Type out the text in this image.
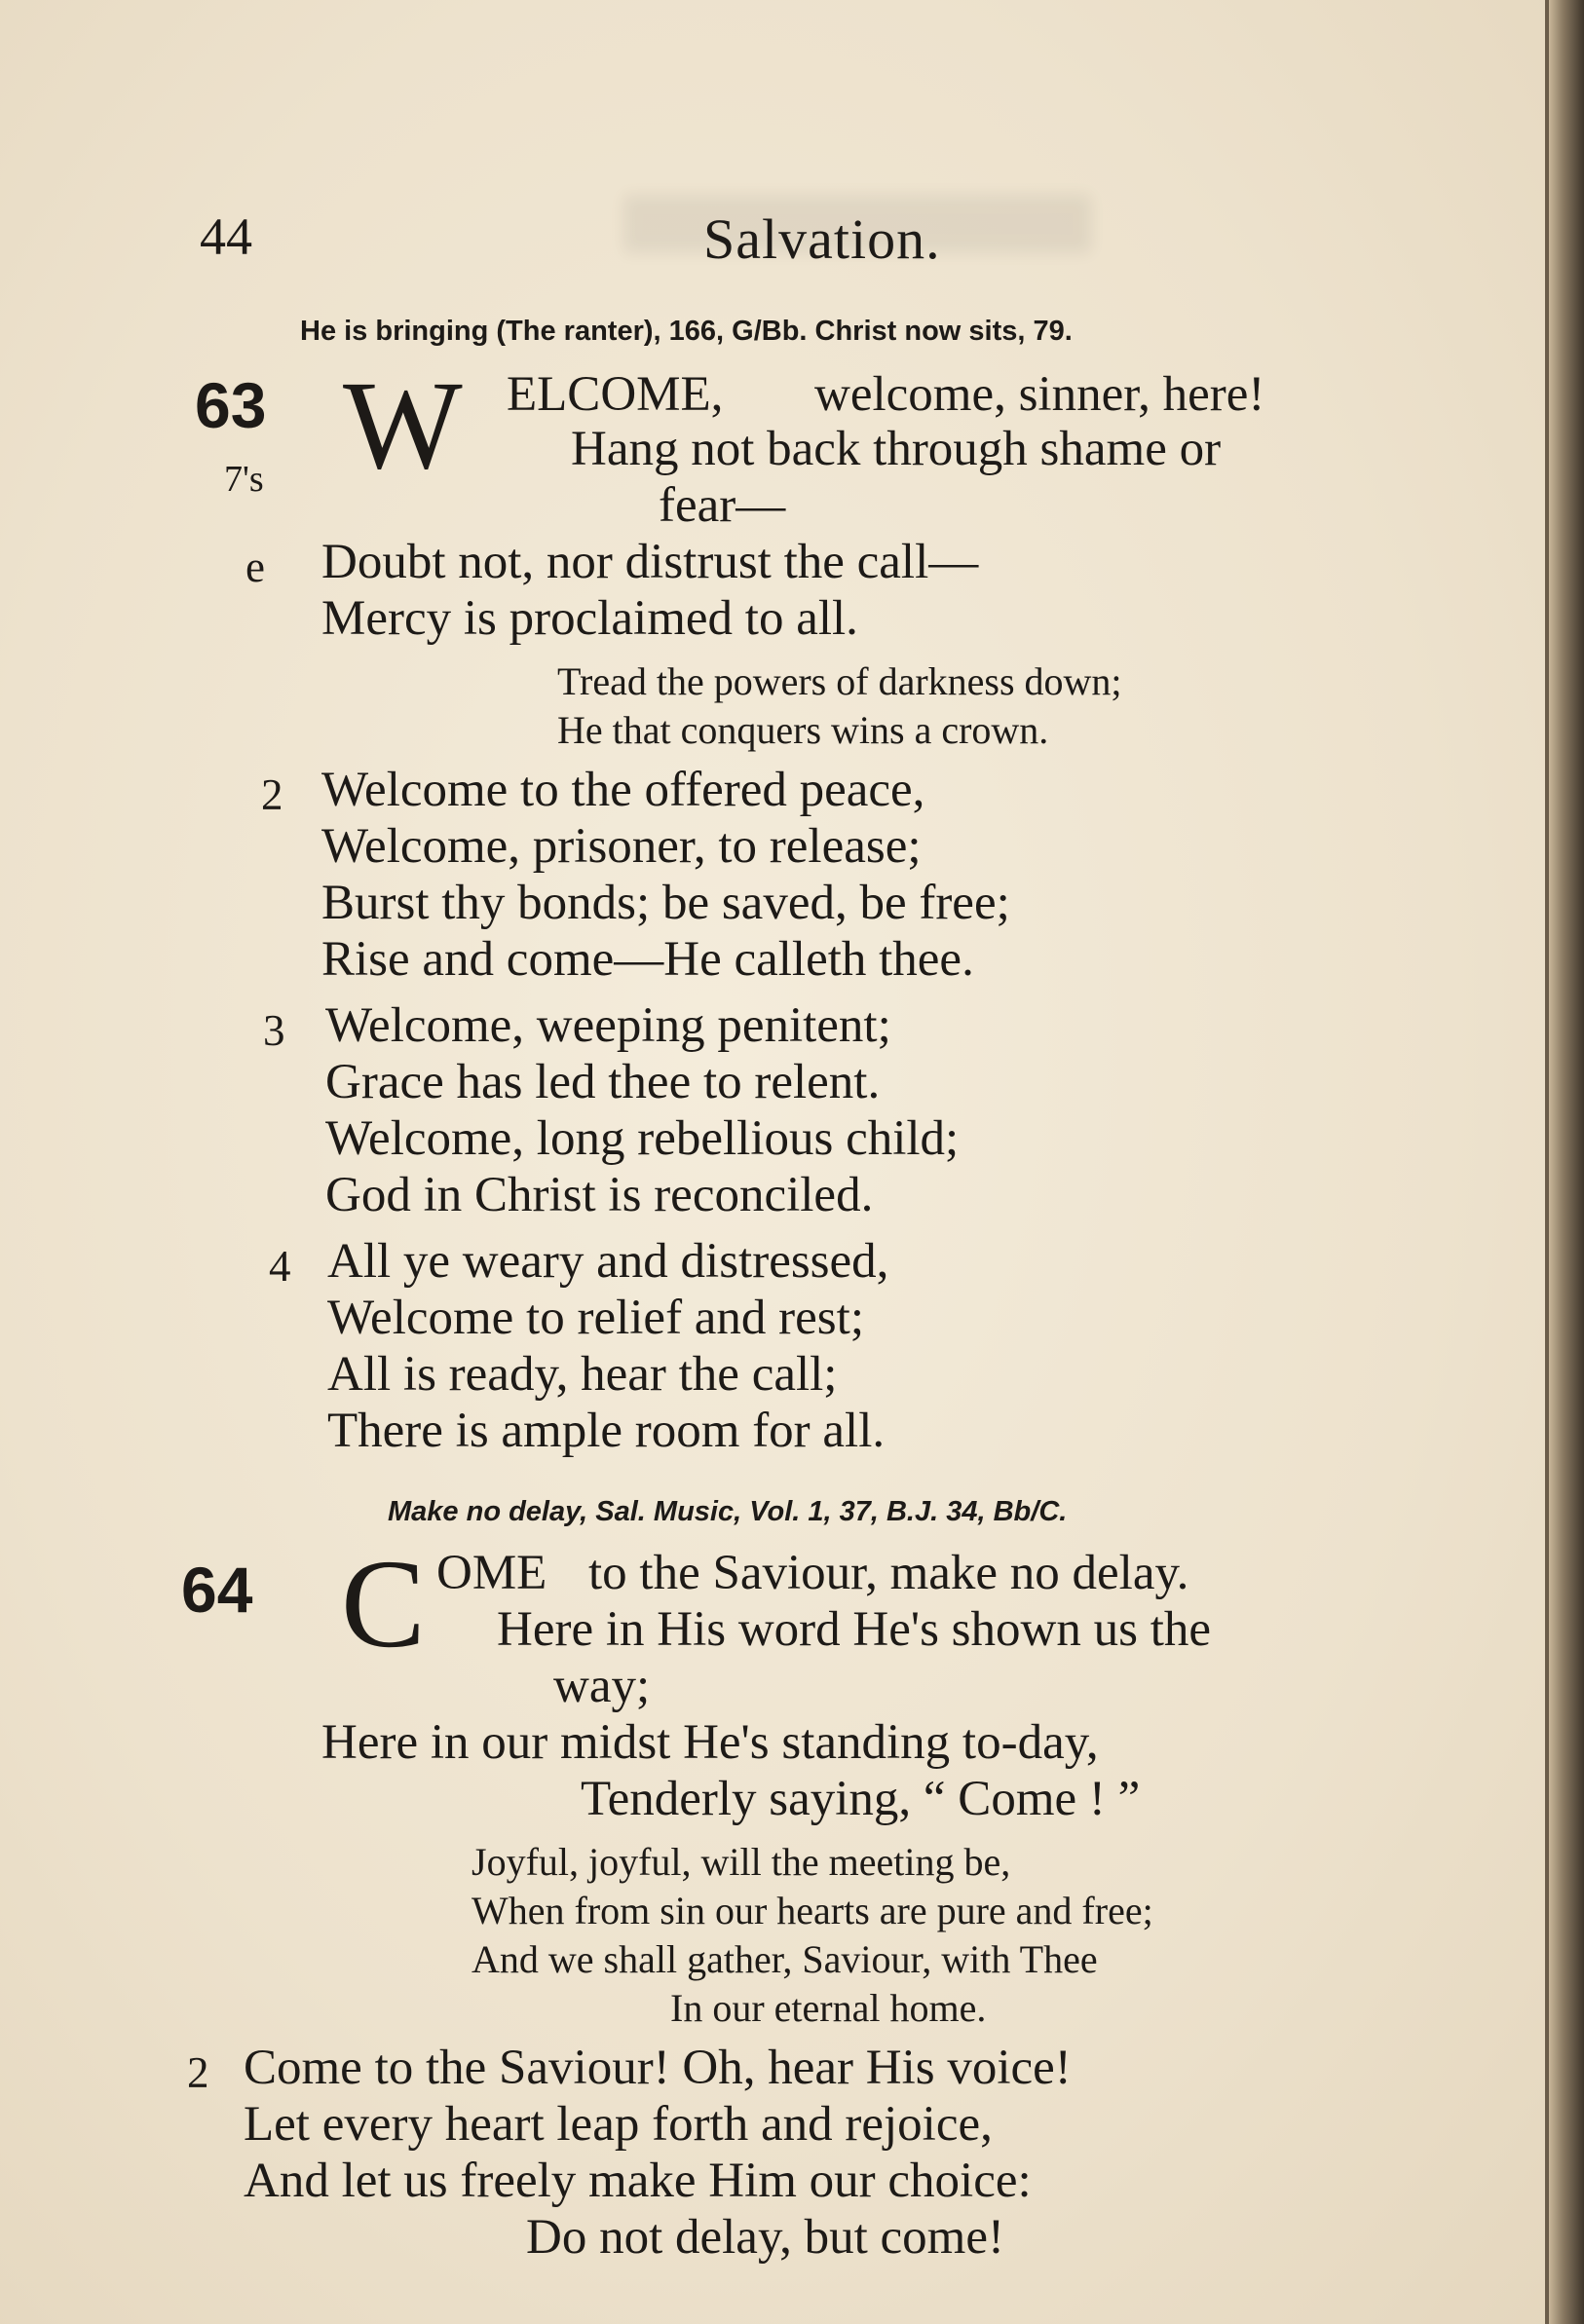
44	Salvation.
He is bringing (The ranter), 166, G/Bb. Christ now sits, 79.
63
7's W ELCOME, welcome, sinner, here!
Hang not back through shame or
fear—
e Doubt not, nor distrust the call—
Mercy is proclaimed to all.
Tread the powers of darkness down;
He that conquers wins a crown.
2 Welcome to the offered peace,
Welcome, prisoner, to release;
Burst thy bonds; be saved, be free;
Rise and come—He calleth thee.
3 Welcome, weeping penitent;
Grace has led thee to relent.
Welcome, long rebellious child;
God in Christ is reconciled.
4 All ye weary and distressed,
Welcome to relief and rest;
All is ready, hear the call;
There is ample room for all.
Make no delay, Sal. Music, Vol. 1, 37, B.J. 34, Bb/C.
64 C OME to the Saviour, make no delay.
Here in His word He's shown us the
way;
Here in our midst He's standing to-day,
Tenderly saying, “ Come ! ”
Joyful, joyful, will the meeting be,
When from sin our hearts are pure and free;
And we shall gather, Saviour, with Thee
In our eternal home.
2 Come to the Saviour! Oh, hear His voice!
Let every heart leap forth and rejoice,
And let us freely make Him our choice:
Do not delay, but come!
